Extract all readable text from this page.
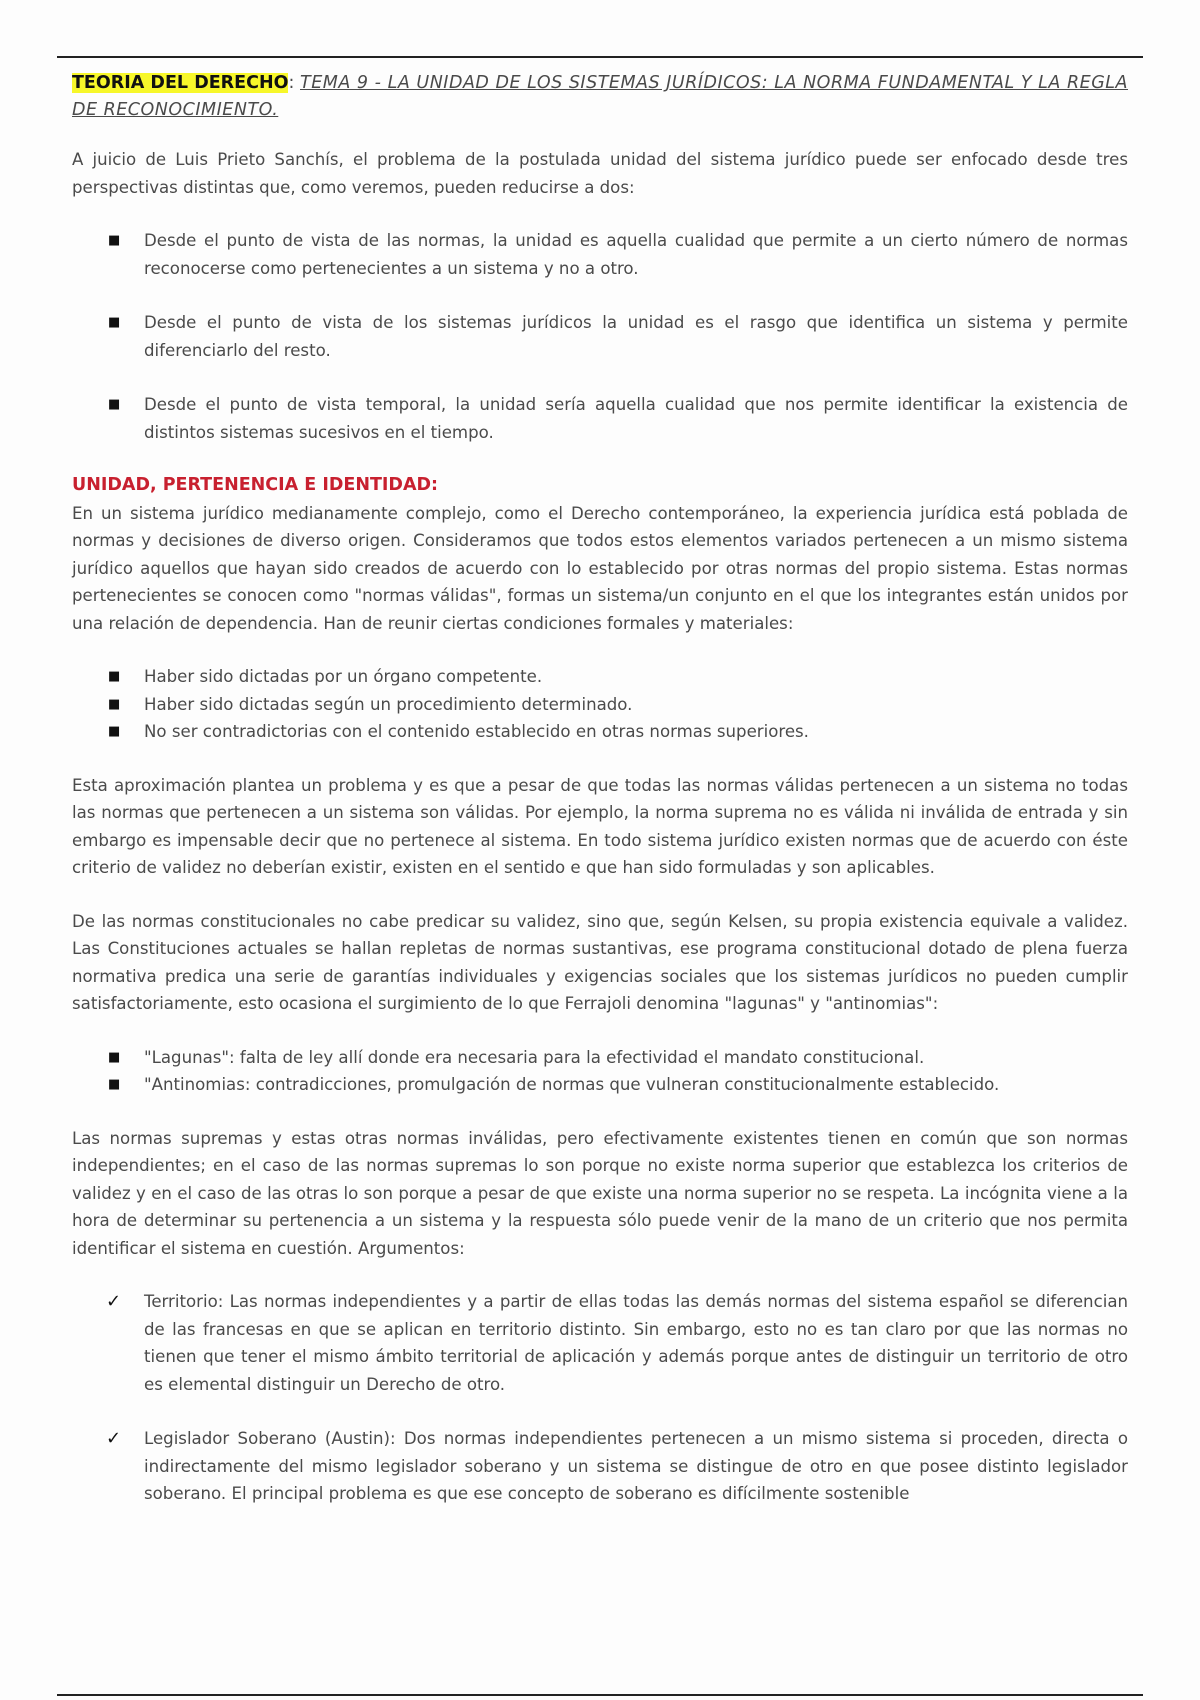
TEORIA DEL DERECHO: TEMA 9 - LA UNIDAD DE LOS SISTEMAS JURÍDICOS: LA NORMA FUNDAMENTAL Y LA REGLA DE RECONOCIMIENTO.

A juicio de Luis Prieto Sanchís, el problema de la postulada unidad del sistema jurídico puede ser enfocado desde tres perspectivas distintas que, como veremos, pueden reducirse a dos:

■ Desde el punto de vista de las normas, la unidad es aquella cualidad que permite a un cierto número de normas reconocerse como pertenecientes a un sistema y no a otro.
■ Desde el punto de vista de los sistemas jurídicos la unidad es el rasgo que identifica un sistema y permite diferenciarlo del resto.
■ Desde el punto de vista temporal, la unidad sería aquella cualidad que nos permite identificar la existencia de distintos sistemas sucesivos en el tiempo.
UNIDAD, PERTENENCIA E IDENTIDAD:

En un sistema jurídico medianamente complejo, como el Derecho contemporáneo, la experiencia jurídica está poblada de normas y decisiones de diverso origen. Consideramos que todos estos elementos variados pertenecen a un mismo sistema jurídico aquellos que hayan sido creados de acuerdo con lo establecido por otras normas del propio sistema. Estas normas pertenecientes se conocen como "normas válidas", formas un sistema/un conjunto en el que los integrantes están unidos por una relación de dependencia. Han de reunir ciertas condiciones formales y materiales:

■ Haber sido dictadas por un órgano competente.
■ Haber sido dictadas según un procedimiento determinado.
■ No ser contradictorias con el contenido establecido en otras normas superiores.

Esta aproximación plantea un problema y es que a pesar de que todas las normas válidas pertenecen a un sistema no todas las normas que pertenecen a un sistema son válidas. Por ejemplo, la norma suprema no es válida ni inválida de entrada y sin embargo es impensable decir que no pertenece al sistema. En todo sistema jurídico existen normas que de acuerdo con éste criterio de validez no deberían existir, existen en el sentido e que han sido formuladas y son aplicables.

De las normas constitucionales no cabe predicar su validez, sino que, según Kelsen, su propia existencia equivale a validez. Las Constituciones actuales se hallan repletas de normas sustantivas, ese programa constitucional dotado de plena fuerza normativa predica una serie de garantías individuales y exigencias sociales que los sistemas jurídicos no pueden cumplir satisfactoriamente, esto ocasiona el surgimiento de lo que Ferrajoli denomina "lagunas" y "antinomias":

■ "Lagunas": falta de ley allí donde era necesaria para la efectividad el mandato constitucional.
■ "Antinomias: contradicciones, promulgación de normas que vulneran constitucionalmente establecido.

Las normas supremas y estas otras normas inválidas, pero efectivamente existentes tienen en común que son normas independientes; en el caso de las normas supremas lo son porque no existe norma superior que establezca los criterios de validez y en el caso de las otras lo son porque a pesar de que existe una norma superior no se respeta. La incógnita viene a la hora de determinar su pertenencia a un sistema y la respuesta sólo puede venir de la mano de un criterio que nos permita identificar el sistema en cuestión. Argumentos:

✓ Territorio: Las normas independientes y a partir de ellas todas las demás normas del sistema español se diferencian de las francesas en que se aplican en territorio distinto. Sin embargo, esto no es tan claro por que las normas no tienen que tener el mismo ámbito territorial de aplicación y además porque antes de distinguir un territorio de otro es elemental distinguir un Derecho de otro.
✓ Legislador Soberano (Austin): Dos normas independientes pertenecen a un mismo sistema si proceden, directa o indirectamente del mismo legislador soberano y un sistema se distingue de otro en que posee distinto legislador soberano. El principal problema es que ese concepto de soberano es difícilmente sostenible
